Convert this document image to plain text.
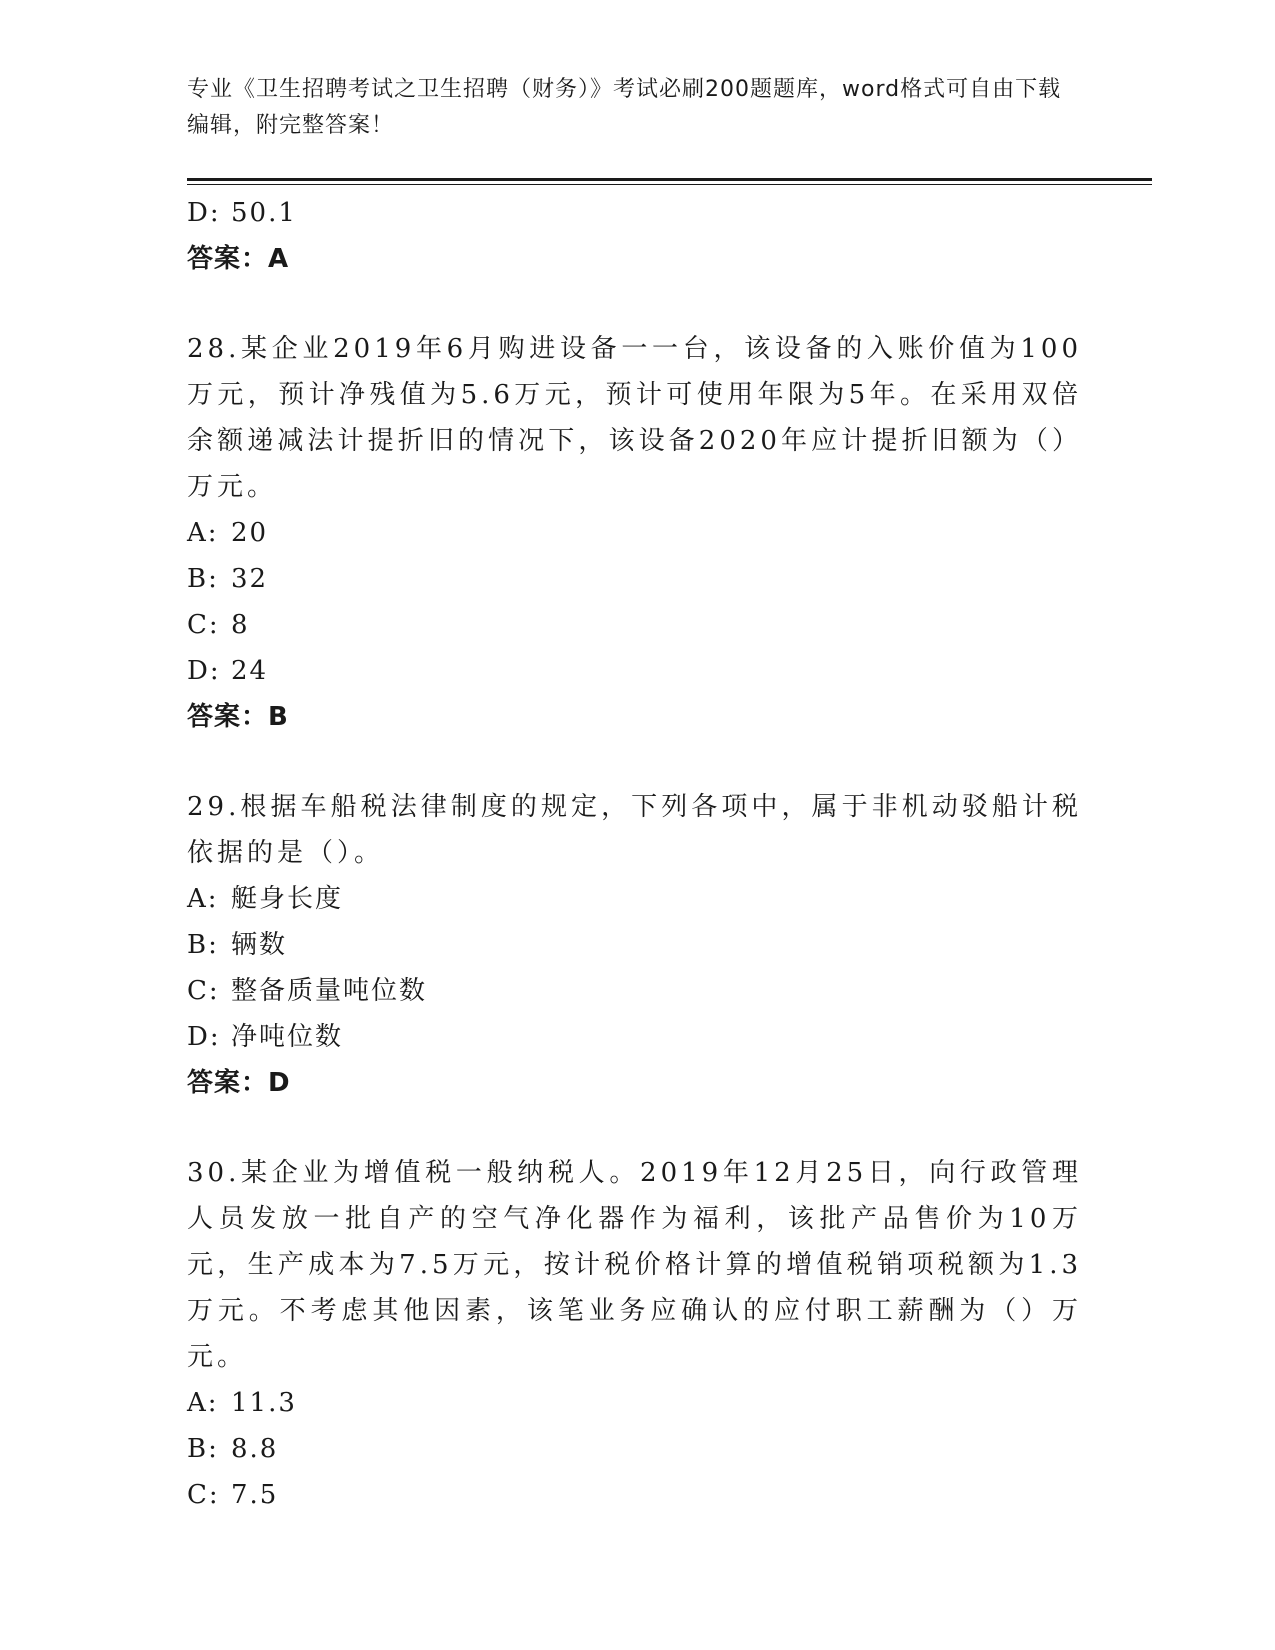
专业《卫生招聘考试之卫生招聘（财务）》考试必刷200题题库，word格式可自由下载编辑，附完整答案！
D: 50.1
答案：A
28.某企业2019年6月购进设备一一台，该设备的入账价值为100万元，预计净残值为5.6万元，预计可使用年限为5年。在采用双倍余额递减法计提折旧的情况下，该设备2020年应计提折旧额为（）万元。
A: 20
B: 32
C: 8
D: 24
答案：B
29.根据车船税法律制度的规定，下列各项中，属于非机动驳船计税依据的是（）。
A: 艇身长度
B: 辆数
C: 整备质量吨位数
D: 净吨位数
答案：D
30.某企业为增值税一般纳税人。2019年12月25日，向行政管理人员发放一批自产的空气净化器作为福利，该批产品售价为10万元，生产成本为7.5万元，按计税价格计算的增值税销项税额为1.3万元。不考虑其他因素，该笔业务应确认的应付职工薪酬为（）万元。
A: 11.3
B: 8.8
C: 7.5
